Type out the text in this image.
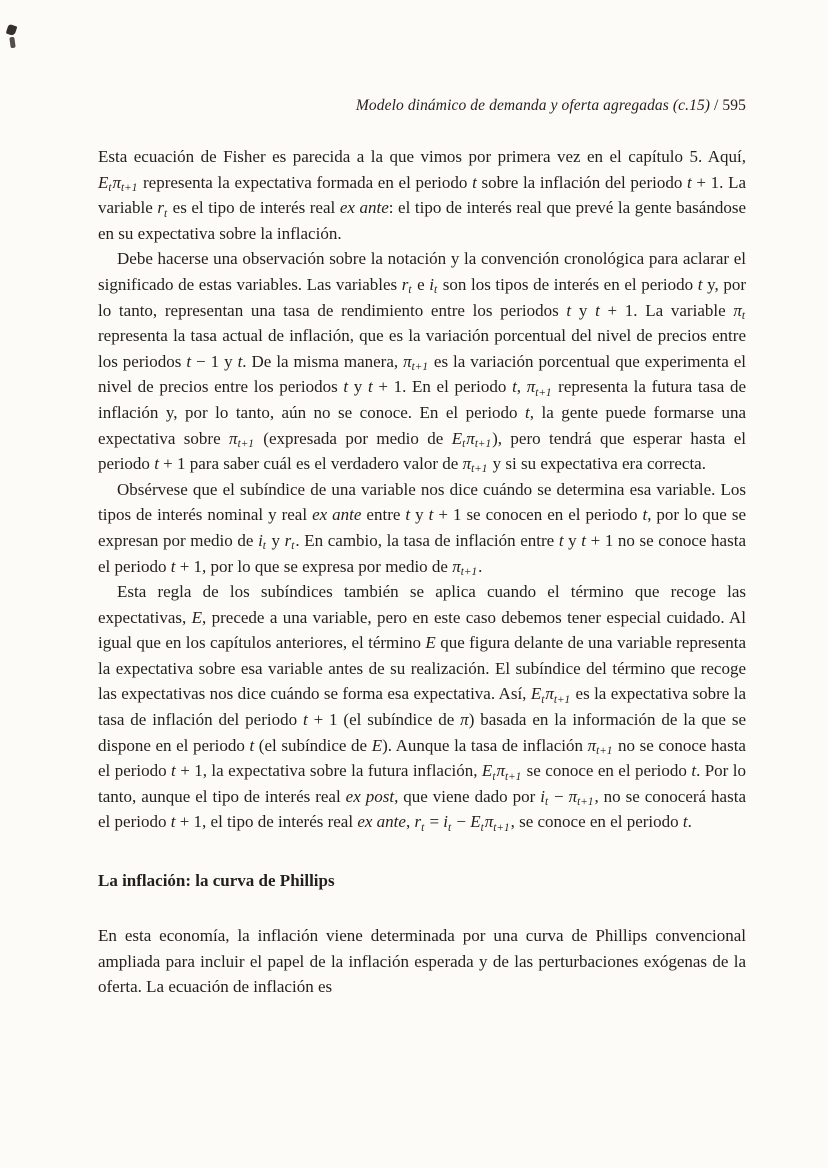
Modelo dinámico de demanda y oferta agregadas (c.15) / 595

Esta ecuación de Fisher es parecida a la que vimos por primera vez en el capítulo 5. Aquí, $E_t\pi_{t+1}$ representa la expectativa formada en el periodo t sobre la inflación del periodo t + 1. La variable $r_t$ es el tipo de interés real ex ante: el tipo de interés real que prevé la gente basándose en su expectativa sobre la inflación.

Debe hacerse una observación sobre la notación y la convención cronológica para aclarar el significado de estas variables. Las variables $r_t$ e $i_t$ son los tipos de interés en el periodo t y, por lo tanto, representan una tasa de rendimiento entre los periodos t y t + 1. La variable $\pi_t$ representa la tasa actual de inflación, que es la variación porcentual del nivel de precios entre los periodos t − 1 y t. De la misma manera, $\pi_{t+1}$ es la variación porcentual que experimenta el nivel de precios entre los periodos t y t + 1. En el periodo t, $\pi_{t+1}$ representa la futura tasa de inflación y, por lo tanto, aún no se conoce. En el periodo t, la gente puede formarse una expectativa sobre $\pi_{t+1}$ (expresada por medio de $E_t\pi_{t+1}$), pero tendrá que esperar hasta el periodo t + 1 para saber cuál es el verdadero valor de $\pi_{t+1}$ y si su expectativa era correcta.

Obsérvese que el subíndice de una variable nos dice cuándo se determina esa variable. Los tipos de interés nominal y real ex ante entre t y t + 1 se conocen en el periodo t, por lo que se expresan por medio de $i_t$ y $r_t$. En cambio, la tasa de inflación entre t y t + 1 no se conoce hasta el periodo t + 1, por lo que se expresa por medio de $\pi_{t+1}$.

Esta regla de los subíndices también se aplica cuando el término que recoge las expectativas, E, precede a una variable, pero en este caso debemos tener especial cuidado. Al igual que en los capítulos anteriores, el término E que figura delante de una variable representa la expectativa sobre esa variable antes de su realización. El subíndice del término que recoge las expectativas nos dice cuándo se forma esa expectativa. Así, $E_t\pi_{t+1}$ es la expectativa sobre la tasa de inflación del periodo t + 1 (el subíndice de π) basada en la información de la que se dispone en el periodo t (el subíndice de E). Aunque la tasa de inflación $\pi_{t+1}$ no se conoce hasta el periodo t + 1, la expectativa sobre la futura inflación, $E_t\pi_{t+1}$ se conoce en el periodo t. Por lo tanto, aunque el tipo de interés real ex post, que viene dado por $i_t - \pi_{t+1}$, no se conocerá hasta el periodo t + 1, el tipo de interés real ex ante, $r_t = i_t - E_t\pi_{t+1}$, se conoce en el periodo t.

La inflación: la curva de Phillips

En esta economía, la inflación viene determinada por una curva de Phillips convencional ampliada para incluir el papel de la inflación esperada y de las perturbaciones exógenas de la oferta. La ecuación de inflación es
